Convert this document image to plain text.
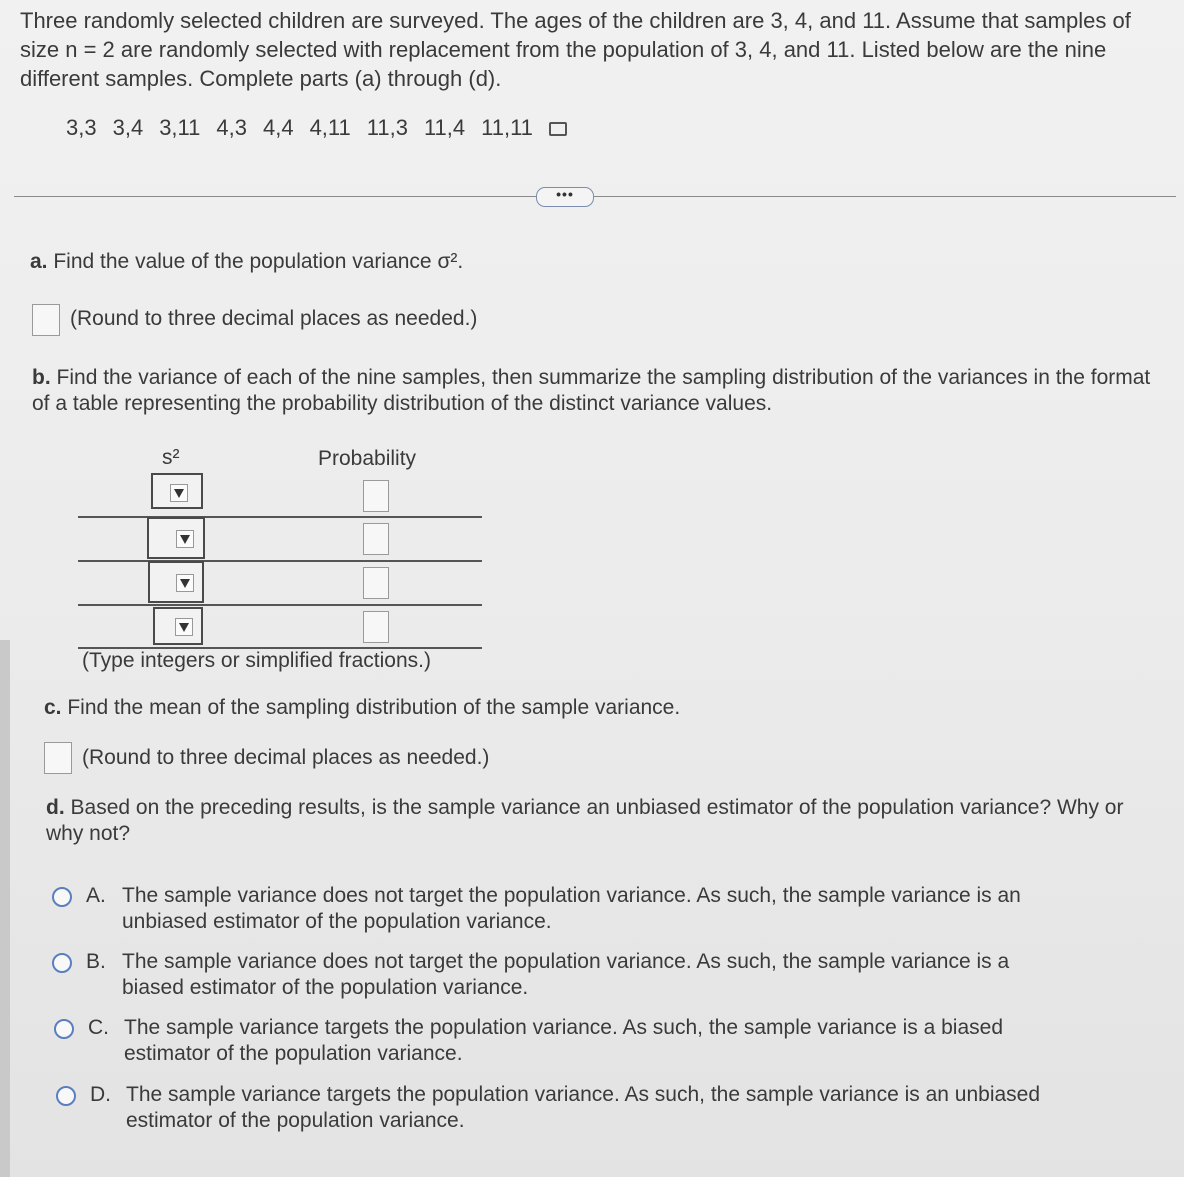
Three randomly selected children are surveyed. The ages of the children are 3, 4, and 11. Assume that samples of size n = 2 are randomly selected with replacement from the population of 3, 4, and 11. Listed below are the nine different samples. Complete parts (a) through (d).

3,3 3,4 3,11 4,3 4,4 4,11 11,3 11,4 11,11
•••

a. Find the value of the population variance σ².

(Round to three decimal places as needed.)

b. Find the variance of each of the nine samples, then summarize the sampling distribution of the variances in the format of a table representing the probability distribution of the distinct variance values.

s²	Probability
(Type integers or simplified fractions.)

c. Find the mean of the sampling distribution of the sample variance.

(Round to three decimal places as needed.)

d. Based on the preceding results, is the sample variance an unbiased estimator of the population variance? Why or why not?

A. The sample variance does not target the population variance. As such, the sample variance is an unbiased estimator of the population variance.
B. The sample variance does not target the population variance. As such, the sample variance is a biased estimator of the population variance.
C. The sample variance targets the population variance. As such, the sample variance is a biased estimator of the population variance.
D. The sample variance targets the population variance. As such, the sample variance is an unbiased estimator of the population variance.
